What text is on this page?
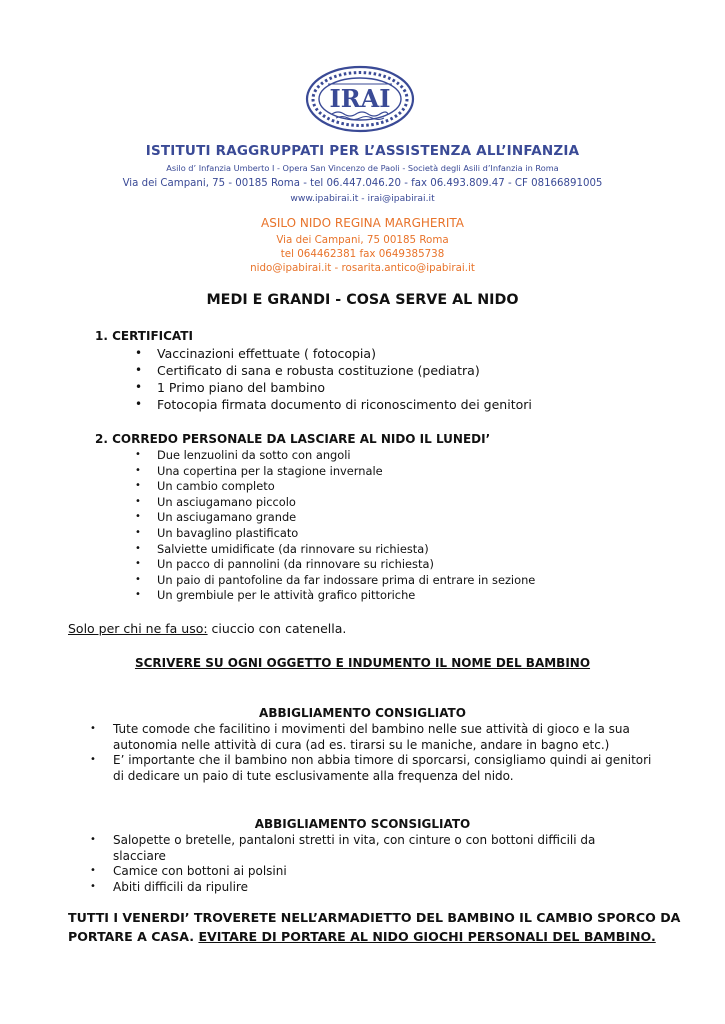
IRAI
ISTITUTI RAGGRUPPATI PER L’ASSISTENZA ALL’INFANZIA
Asilo d’ Infanzia Umberto I - Opera San Vincenzo de Paoli - Società degli Asili d’Infanzia in Roma
Via dei Campani, 75 - 00185 Roma - tel 06.447.046.20 - fax 06.493.809.47 - CF 08166891005
www.ipabirai.it - irai@ipabirai.it
ASILO NIDO REGINA MARGHERITA
Via dei Campani, 75 00185 Roma
tel 064462381 fax 0649385738
nido@ipabirai.it - rosarita.antico@ipabirai.it
MEDI E GRANDI - COSA SERVE AL NIDO
1. CERTIFICATI
• Vaccinazioni effettuate ( fotocopia)
• Certificato di sana e robusta costituzione (pediatra)
• 1 Primo piano del bambino
• Fotocopia firmata documento di riconoscimento dei genitori
2. CORREDO PERSONALE DA LASCIARE AL NIDO IL LUNEDI’
• Due lenzuolini da sotto con angoli
• Una copertina per la stagione invernale
• Un cambio completo
• Un asciugamano piccolo
• Un asciugamano grande
• Un bavaglino plastificato
• Salviette umidificate (da rinnovare su richiesta)
• Un pacco di pannolini (da rinnovare su richiesta)
• Un paio di pantofoline da far indossare prima di entrare in sezione
• Un grembiule per le attività grafico pittoriche
Solo per chi ne fa uso: ciuccio con catenella.
SCRIVERE SU OGNI OGGETTO E INDUMENTO IL NOME DEL BAMBINO
ABBIGLIAMENTO CONSIGLIATO
• Tute comode che facilitino i movimenti del bambino nelle sue attività di gioco e la sua
autonomia nelle attività di cura (ad es. tirarsi su le maniche, andare in bagno etc.)
• E’ importante che il bambino non abbia timore di sporcarsi, consigliamo quindi ai genitori
di dedicare un paio di tute esclusivamente alla frequenza del nido.
ABBIGLIAMENTO SCONSIGLIATO
• Salopette o bretelle, pantaloni stretti in vita, con cinture o con bottoni difficili da
slacciare
• Camice con bottoni ai polsini
• Abiti difficili da ripulire
TUTTI I VENERDI’ TROVERETE NELL’ARMADIETTO DEL BAMBINO IL CAMBIO SPORCO DA
PORTARE A CASA. EVITARE DI PORTARE AL NIDO GIOCHI PERSONALI DEL BAMBINO.
